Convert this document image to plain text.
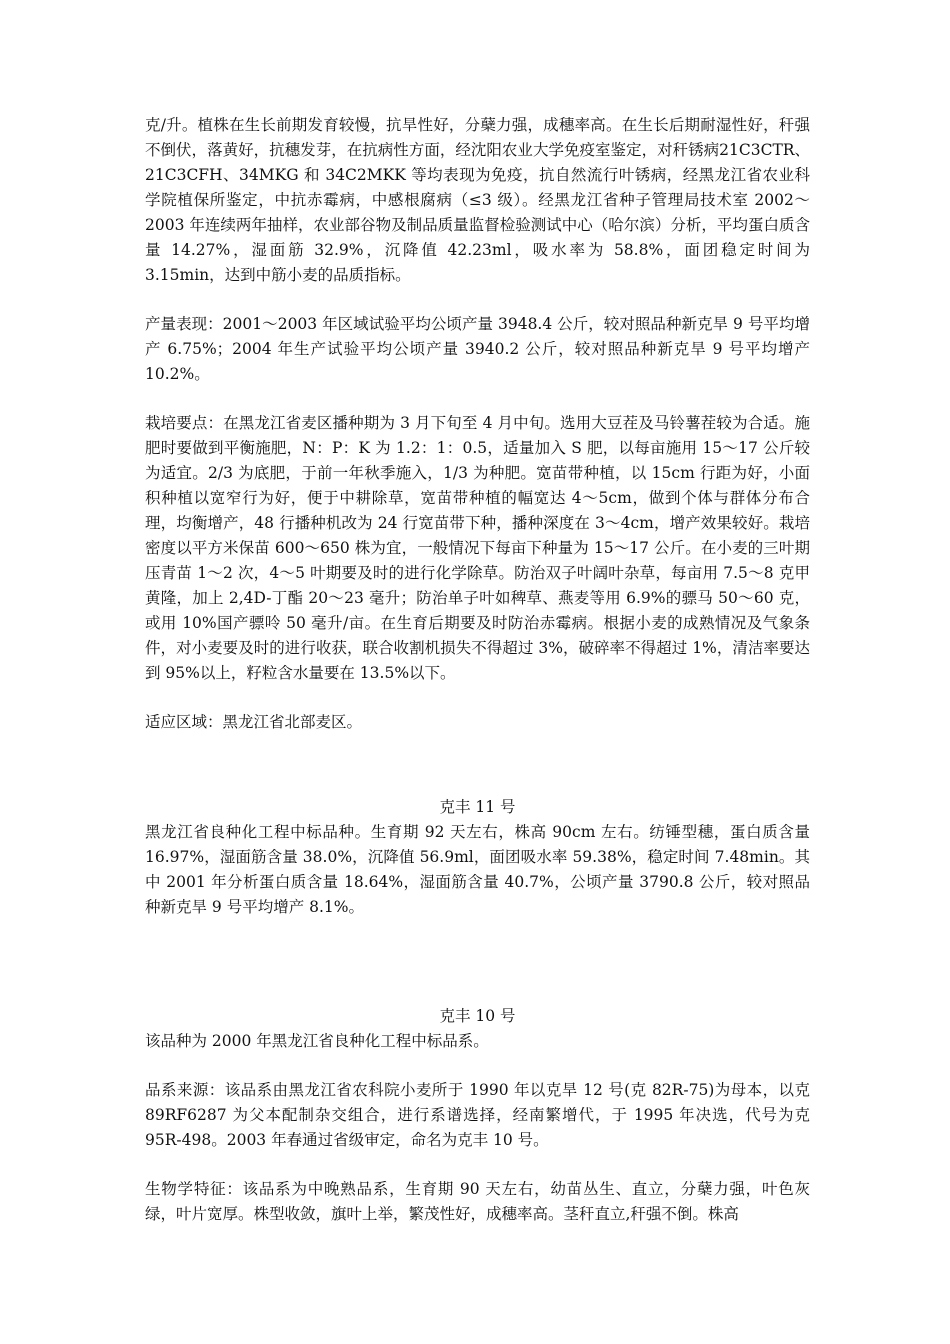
克/升。植株在生长前期发育较慢，抗旱性好，分蘖力强，成穗率高。在生长后期耐湿性好，秆强不倒伏，落黄好，抗穗发芽，在抗病性方面，经沈阳农业大学免疫室鉴定，对秆锈病21C3CTR、21C3CFH、34MKG 和 34C2MKK 等均表现为免疫，抗自然流行叶锈病，经黑龙江省农业科学院植保所鉴定，中抗赤霉病，中感根腐病（≤3 级）。经黑龙江省种子管理局技术室 2002～2003 年连续两年抽样，农业部谷物及制品质量监督检验测试中心（哈尔滨）分析，平均蛋白质含量 14.27%，湿面筋 32.9%，沉降值 42.23ml，吸水率为 58.8%，面团稳定时间为 3.15min，达到中筋小麦的品质指标。

产量表现：2001～2003 年区域试验平均公顷产量 3948.4 公斤，较对照品种新克旱 9 号平均增产 6.75%；2004 年生产试验平均公顷产量 3940.2 公斤，较对照品种新克旱 9 号平均增产 10.2%。

栽培要点：在黑龙江省麦区播种期为 3 月下旬至 4 月中旬。选用大豆茬及马铃薯茬较为合适。施肥时要做到平衡施肥，N：P：K 为 1.2：1：0.5，适量加入 S 肥，以每亩施用 15～17 公斤较为适宜。2/3 为底肥，于前一年秋季施入，1/3 为种肥。宽苗带种植，以 15cm 行距为好，小面积种植以宽窄行为好，便于中耕除草，宽苗带种植的幅宽达 4～5cm，做到个体与群体分布合理，均衡增产，48 行播种机改为 24 行宽苗带下种，播种深度在 3～4cm，增产效果较好。栽培密度以平方米保苗 600～650 株为宜，一般情况下每亩下种量为 15～17 公斤。在小麦的三叶期压青苗 1～2 次，4～5 叶期要及时的进行化学除草。防治双子叶阔叶杂草，每亩用 7.5～8 克甲黄隆，加上 2,4D-丁酯 20～23 毫升；防治单子叶如稗草、燕麦等用 6.9%的骠马 50～60 克，或用 10%国产骠呤 50 毫升/亩。在生育后期要及时防治赤霉病。根据小麦的成熟情况及气象条件，对小麦要及时的进行收获，联合收割机损失不得超过 3%，破碎率不得超过 1%，清洁率要达到 95%以上，籽粒含水量要在 13.5%以下。

适应区域：黑龙江省北部麦区。

克丰 11 号

黑龙江省良种化工程中标品种。生育期 92 天左右，株高 90cm 左右。纺锤型穗，蛋白质含量 16.97%，湿面筋含量 38.0%，沉降值 56.9ml，面团吸水率 59.38%，稳定时间 7.48min。其中 2001 年分析蛋白质含量 18.64%，湿面筋含量 40.7%，公顷产量 3790.8 公斤，较对照品种新克旱 9 号平均增产 8.1%。

克丰 10 号

该品种为 2000 年黑龙江省良种化工程中标品系。

品系来源：该品系由黑龙江省农科院小麦所于 1990 年以克旱 12 号(克 82R-75)为母本，以克 89RF6287 为父本配制杂交组合，进行系谱选择，经南繁增代，于 1995 年决选，代号为克 95R-498。2003 年春通过省级审定，命名为克丰 10 号。

生物学特征：该品系为中晚熟品系，生育期 90 天左右，幼苗丛生、直立，分蘖力强，叶色灰绿，叶片宽厚。株型收敛，旗叶上举，繁茂性好，成穗率高。茎秆直立,秆强不倒。株高
